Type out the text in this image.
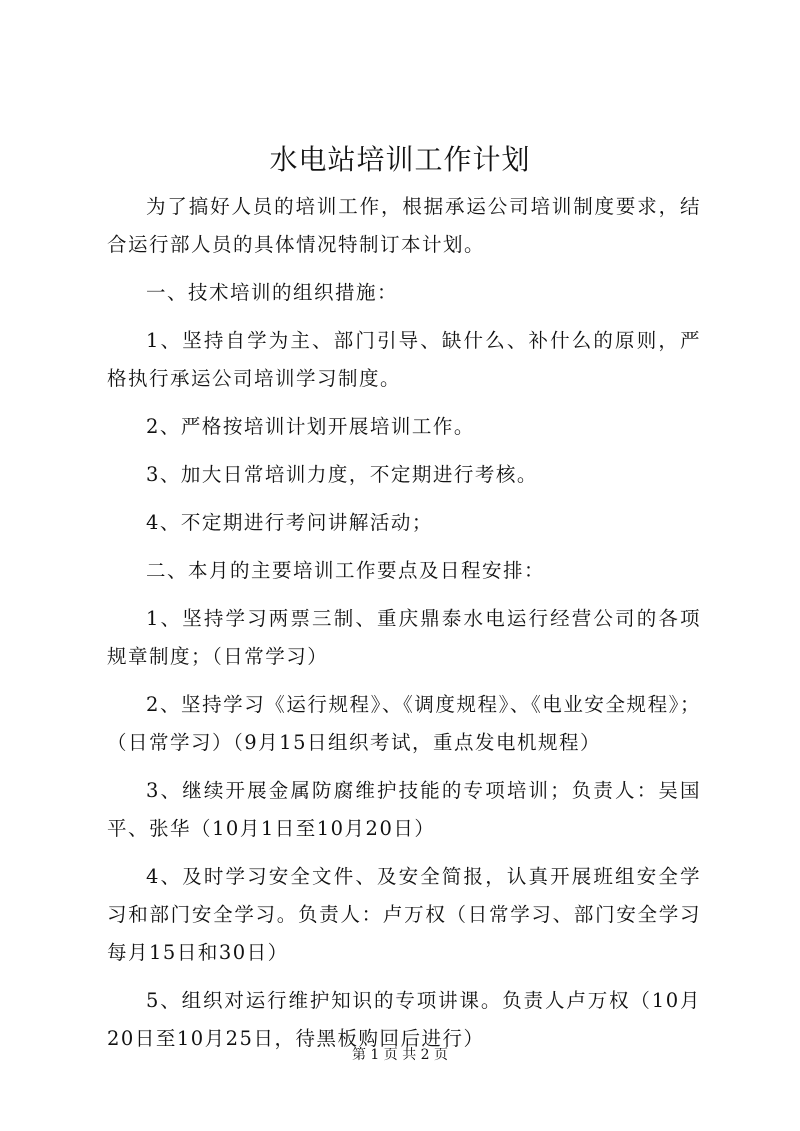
水电站培训工作计划

为了搞好人员的培训工作，根据承运公司培训制度要求，结合运行部人员的具体情况特制订本计划。

一、技术培训的组织措施：

1、坚持自学为主、部门引导、缺什么、补什么的原则，严格执行承运公司培训学习制度。

2、严格按培训计划开展培训工作。

3、加大日常培训力度，不定期进行考核。

4、不定期进行考问讲解活动；

二、本月的主要培训工作要点及日程安排：

1、坚持学习两票三制、重庆鼎泰水电运行经营公司的各项规章制度；（日常学习）

2、坚持学习《运行规程》、《调度规程》、《电业安全规程》；（日常学习）（9月15日组织考试，重点发电机规程）

3、继续开展金属防腐维护技能的专项培训；负责人：吴国平、张华（10月1日至10月20日）

4、及时学习安全文件、及安全简报，认真开展班组安全学习和部门安全学习。负责人：卢万权（日常学习、部门安全学习每月15日和30日）

5、组织对运行维护知识的专项讲课。负责人卢万权（10月20日至10月25日，待黑板购回后进行）

第 1 页 共 2 页
